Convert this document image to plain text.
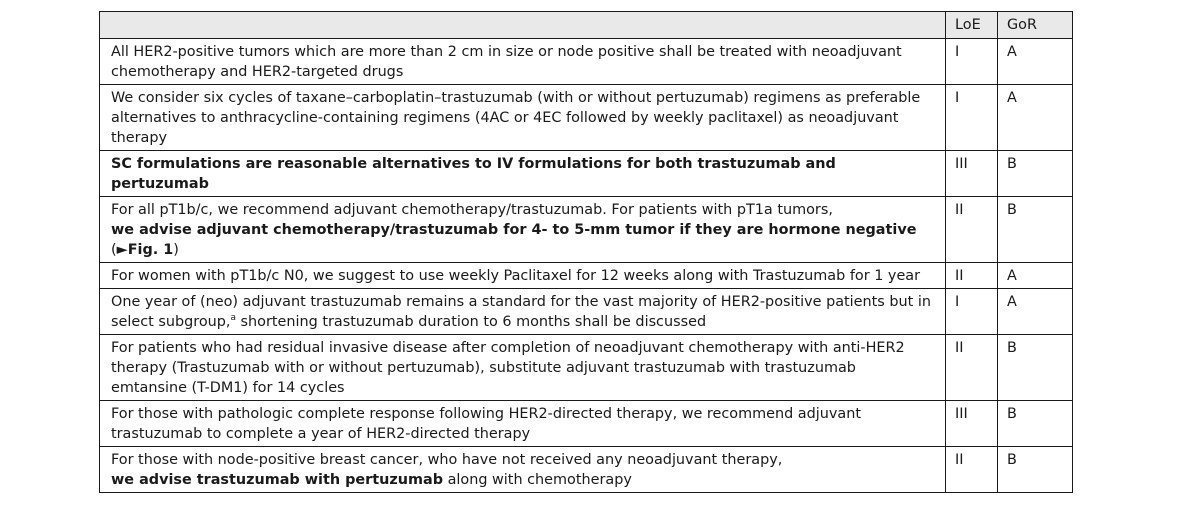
	LoE	GoR
All HER2-positive tumors which are more than 2 cm in size or node positive shall be treated with neoadjuvant chemotherapy and HER2-targeted drugs	I	A
We consider six cycles of taxane–carboplatin–trastuzumab (with or without pertuzumab) regimens as preferable alternatives to anthracycline-containing regimens (4AC or 4EC followed by weekly paclitaxel) as neoadjuvant therapy	I	A
SC formulations are reasonable alternatives to IV formulations for both trastuzumab and pertuzumab	III	B
For all pT1b/c, we recommend adjuvant chemotherapy/trastuzumab. For patients with pT1a tumors,
we advise adjuvant chemotherapy/trastuzumab for 4- to 5-mm tumor if they are hormone negative (►Fig. 1)	II	B
For women with pT1b/c N0, we suggest to use weekly Paclitaxel for 12 weeks along with Trastuzumab for 1 year	II	A
One year of (neo) adjuvant trastuzumab remains a standard for the vast majority of HER2-positive patients but in select subgroup,$^a$ shortening trastuzumab duration to 6 months shall be discussed	I	A
For patients who had residual invasive disease after completion of neoadjuvant chemotherapy with anti-HER2 therapy (Trastuzumab with or without pertuzumab), substitute adjuvant trastuzumab with trastuzumab emtansine (T-DM1) for 14 cycles	II	B
For those with pathologic complete response following HER2-directed therapy, we recommend adjuvant trastuzumab to complete a year of HER2-directed therapy	III	B
For those with node-positive breast cancer, who have not received any neoadjuvant therapy,
we advise trastuzumab with pertuzumab along with chemotherapy	II	B
